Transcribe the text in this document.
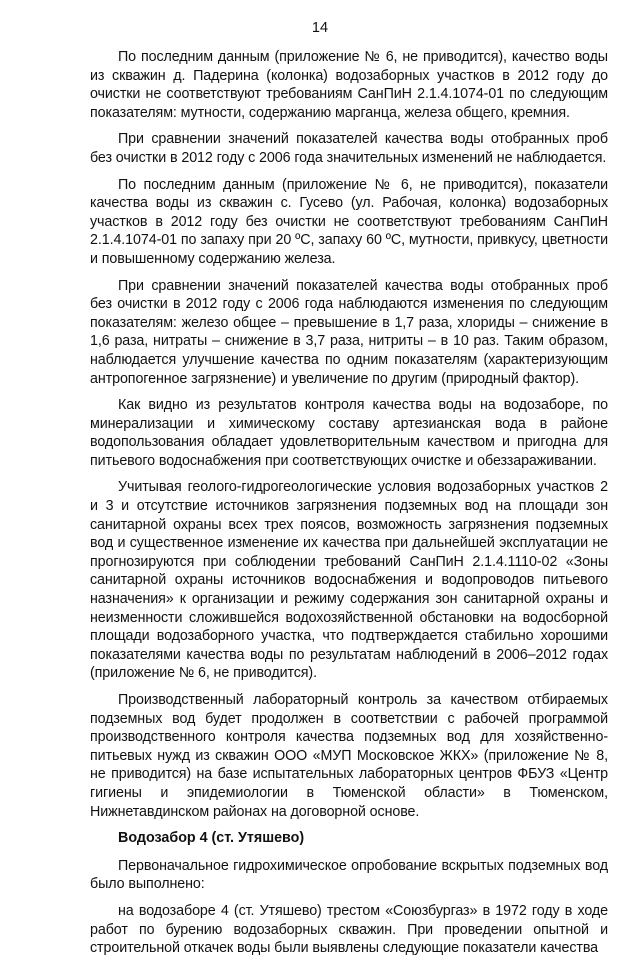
14

По последним данным (приложение № 6, не приводится), качество воды из скважин д. Падерина (колонка) водозаборных участков в 2012 году до очистки не соответствуют требованиям СанПиН 2.1.4.1074-01 по следующим показателям: мутности, содержанию марганца, железа общего, кремния.

При сравнении значений показателей качества воды отобранных проб без очистки в 2012 году с 2006 года значительных изменений не наблюдается.

По последним данным (приложение № 6, не приводится), показатели качества воды из скважин с. Гусево (ул. Рабочая, колонка) водозаборных участков в 2012 году без очистки не соответствуют требованиям СанПиН 2.1.4.1074-01 по запаху при 20 ºС, запаху 60 ºС, мутности, привкусу, цветности и повышенному содержанию железа.

При сравнении значений показателей качества воды отобранных проб без очистки в 2012 году с 2006 года наблюдаются изменения по следующим показателям: железо общее – превышение в 1,7 раза, хлориды – снижение в 1,6 раза, нитраты – снижение в 3,7 раза, нитриты – в 10 раз. Таким образом, наблюдается улучшение качества по одним показателям (характеризующим антропогенное загрязнение) и увеличение по другим (природный фактор).

Как видно из результатов контроля качества воды на водозаборе, по минерализации и химическому составу артезианская вода в районе водопользования обладает удовлетворительным качеством и пригодна для питьевого водоснабжения при соответствующих очистке и обеззараживании.

Учитывая геолого-гидрогеологические условия водозаборных участков 2 и 3 и отсутствие источников загрязнения подземных вод на площади зон санитарной охраны всех трех поясов, возможность загрязнения подземных вод и существенное изменение их качества при дальнейшей эксплуатации не прогнозируются при соблюдении требований СанПиН 2.1.4.1110-02 «Зоны санитарной охраны источников водоснабжения и водопроводов питьевого назначения» к организации и режиму содержания зон санитарной охраны и неизменности сложившейся водохозяйственной обстановки на водосборной площади водозаборного участка, что подтверждается стабильно хорошими показателями качества воды по результатам наблюдений в 2006–2012 годах (приложение № 6, не приводится).

Производственный лабораторный контроль за качеством отбираемых подземных вод будет продолжен в соответствии с рабочей программой производственного контроля качества подземных вод для хозяйственно-питьевых нужд из скважин ООО «МУП Московское ЖКХ» (приложение № 8, не приводится) на базе испытательных лабораторных центров ФБУЗ «Центр гигиены и эпидемиологии в Тюменской области» в Тюменском, Нижнетавдинском районах на договорной основе.

Водозабор 4 (ст. Утяшево)

Первоначальное гидрохимическое опробование вскрытых подземных вод было выполнено:

на водозаборе 4 (ст. Утяшево) трестом «Союзбургаз» в 1972 году в ходе работ по бурению водозаборных скважин. При проведении опытной и строительной откачек воды были выявлены следующие показатели качества
